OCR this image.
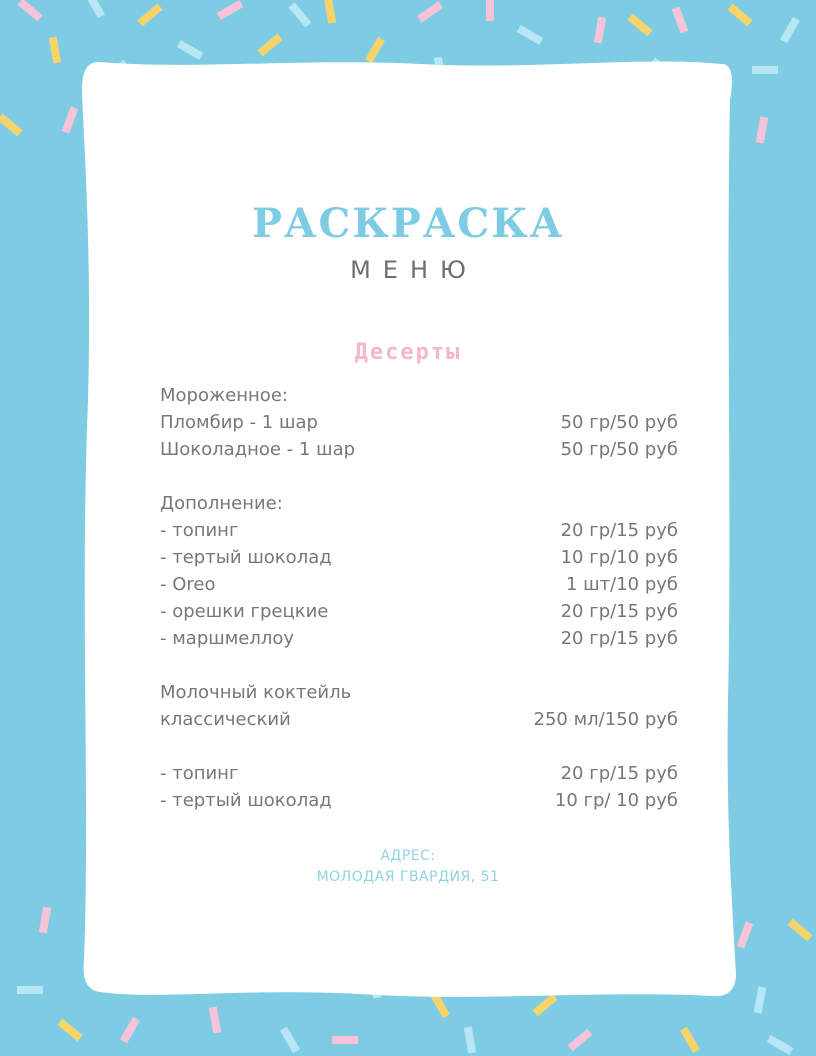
РАСКРАСКА
МЕНЮ
Десерты
Мороженное:
Пломбир - 1 шар	50 гр/50 руб
Шоколадное - 1 шар	50 гр/50 руб
Дополнение:
- топинг	20 гр/15 руб
- тертый шоколад	10 гр/10 руб
- Oreo	1 шт/10 руб
- орешки грецкие	20 гр/15 руб
- маршмеллоу	20 гр/15 руб
Молочный коктейль
классический	250 мл/150 руб
- топинг	20 гр/15 руб
- тертый шоколад	10 гр/ 10 руб
АДРЕС:
МОЛОДАЯ ГВАРДИЯ, 51
